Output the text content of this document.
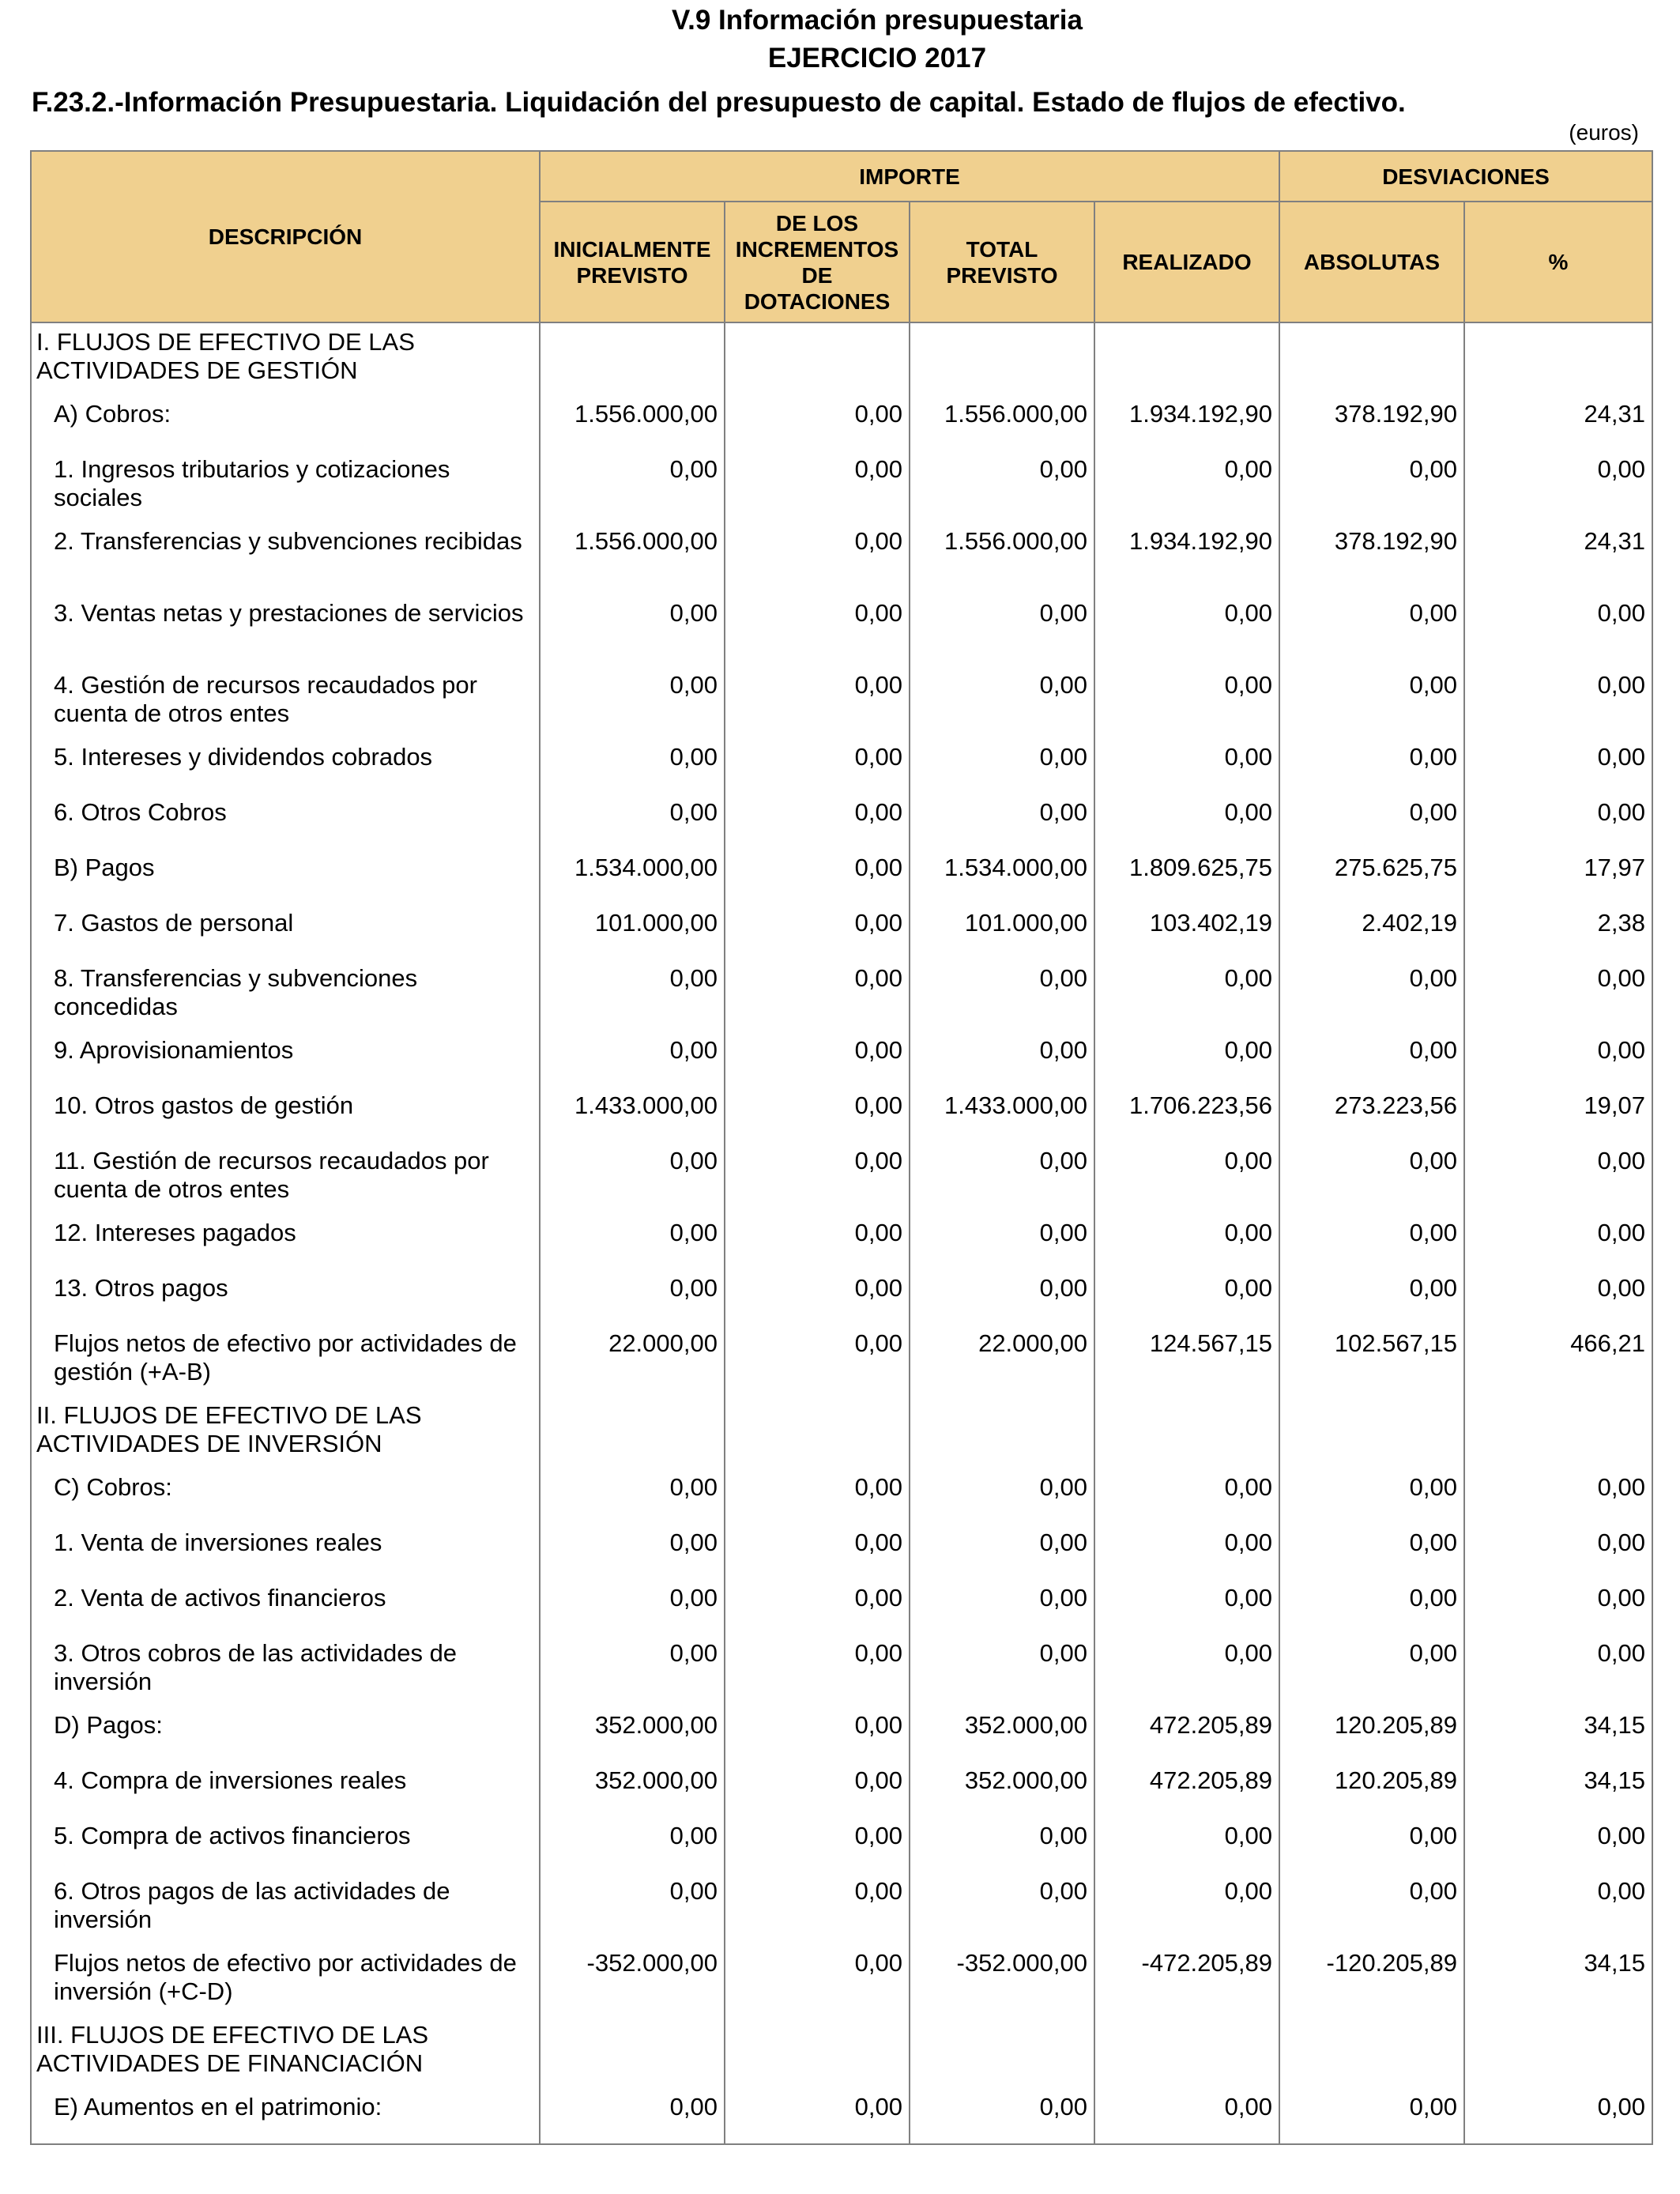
V.9 Información presupuestaria
EJERCICIO 2017
F.23.2.-Información Presupuestaria. Liquidación del presupuesto de capital. Estado de flujos de efectivo.
(euros)
DESCRIPCIÓN	IMPORTE				DESVIACIONES	
	INICIALMENTE PREVISTO	DE LOS INCREMENTOS DE DOTACIONES	TOTAL PREVISTO	REALIZADO	ABSOLUTAS	%
I. FLUJOS DE EFECTIVO DE LAS ACTIVIDADES DE GESTIÓN						
A) Cobros:	1.556.000,00	0,00	1.556.000,00	1.934.192,90	378.192,90	24,31
1. Ingresos tributarios y cotizaciones sociales	0,00	0,00	0,00	0,00	0,00	0,00
2. Transferencias y subvenciones recibidas	1.556.000,00	0,00	1.556.000,00	1.934.192,90	378.192,90	24,31
3. Ventas netas y prestaciones de servicios	0,00	0,00	0,00	0,00	0,00	0,00
4. Gestión de recursos recaudados por cuenta de otros entes	0,00	0,00	0,00	0,00	0,00	0,00
5. Intereses y dividendos cobrados	0,00	0,00	0,00	0,00	0,00	0,00
6. Otros Cobros	0,00	0,00	0,00	0,00	0,00	0,00
B) Pagos	1.534.000,00	0,00	1.534.000,00	1.809.625,75	275.625,75	17,97
7. Gastos de personal	101.000,00	0,00	101.000,00	103.402,19	2.402,19	2,38
8. Transferencias y subvenciones concedidas	0,00	0,00	0,00	0,00	0,00	0,00
9. Aprovisionamientos	0,00	0,00	0,00	0,00	0,00	0,00
10. Otros gastos de gestión	1.433.000,00	0,00	1.433.000,00	1.706.223,56	273.223,56	19,07
11. Gestión de recursos recaudados por cuenta de otros entes	0,00	0,00	0,00	0,00	0,00	0,00
12. Intereses pagados	0,00	0,00	0,00	0,00	0,00	0,00
13. Otros pagos	0,00	0,00	0,00	0,00	0,00	0,00
Flujos netos de efectivo por actividades de gestión (+A-B)	22.000,00	0,00	22.000,00	124.567,15	102.567,15	466,21
II. FLUJOS DE EFECTIVO DE LAS ACTIVIDADES DE INVERSIÓN						
C) Cobros:	0,00	0,00	0,00	0,00	0,00	0,00
1. Venta de inversiones reales	0,00	0,00	0,00	0,00	0,00	0,00
2. Venta de activos financieros	0,00	0,00	0,00	0,00	0,00	0,00
3. Otros cobros de las actividades de inversión	0,00	0,00	0,00	0,00	0,00	0,00
D) Pagos:	352.000,00	0,00	352.000,00	472.205,89	120.205,89	34,15
4. Compra de inversiones reales	352.000,00	0,00	352.000,00	472.205,89	120.205,89	34,15
5. Compra de activos financieros	0,00	0,00	0,00	0,00	0,00	0,00
6. Otros pagos de las actividades de inversión	0,00	0,00	0,00	0,00	0,00	0,00
Flujos netos de efectivo por actividades de inversión (+C-D)	-352.000,00	0,00	-352.000,00	-472.205,89	-120.205,89	34,15
III. FLUJOS DE EFECTIVO DE LAS ACTIVIDADES DE FINANCIACIÓN						
E) Aumentos en el patrimonio:	0,00	0,00	0,00	0,00	0,00	0,00
